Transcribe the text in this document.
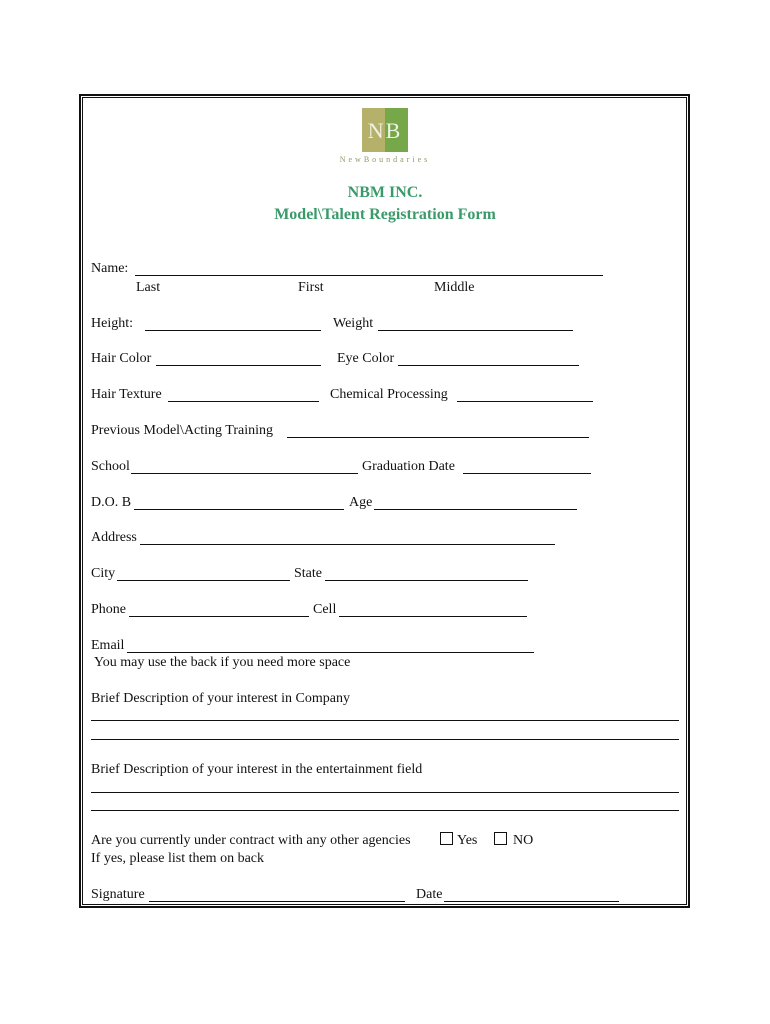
NB
NewBoundaries
NBM INC.
Model\Talent Registration Form
Name:
Last	First	Middle
Height:	Weight
Hair Color	Eye Color
Hair Texture	Chemical Processing
Previous Model\Acting Training
School	Graduation Date
D.O. B	Age
Address
City	State
Phone	Cell
Email
You may use the back if you need more space
Brief Description of your interest in Company
Brief Description of your interest in the entertainment field
Are you currently under contract with any other agencies	Yes	NO
If yes, please list them on back
Signature	Date
